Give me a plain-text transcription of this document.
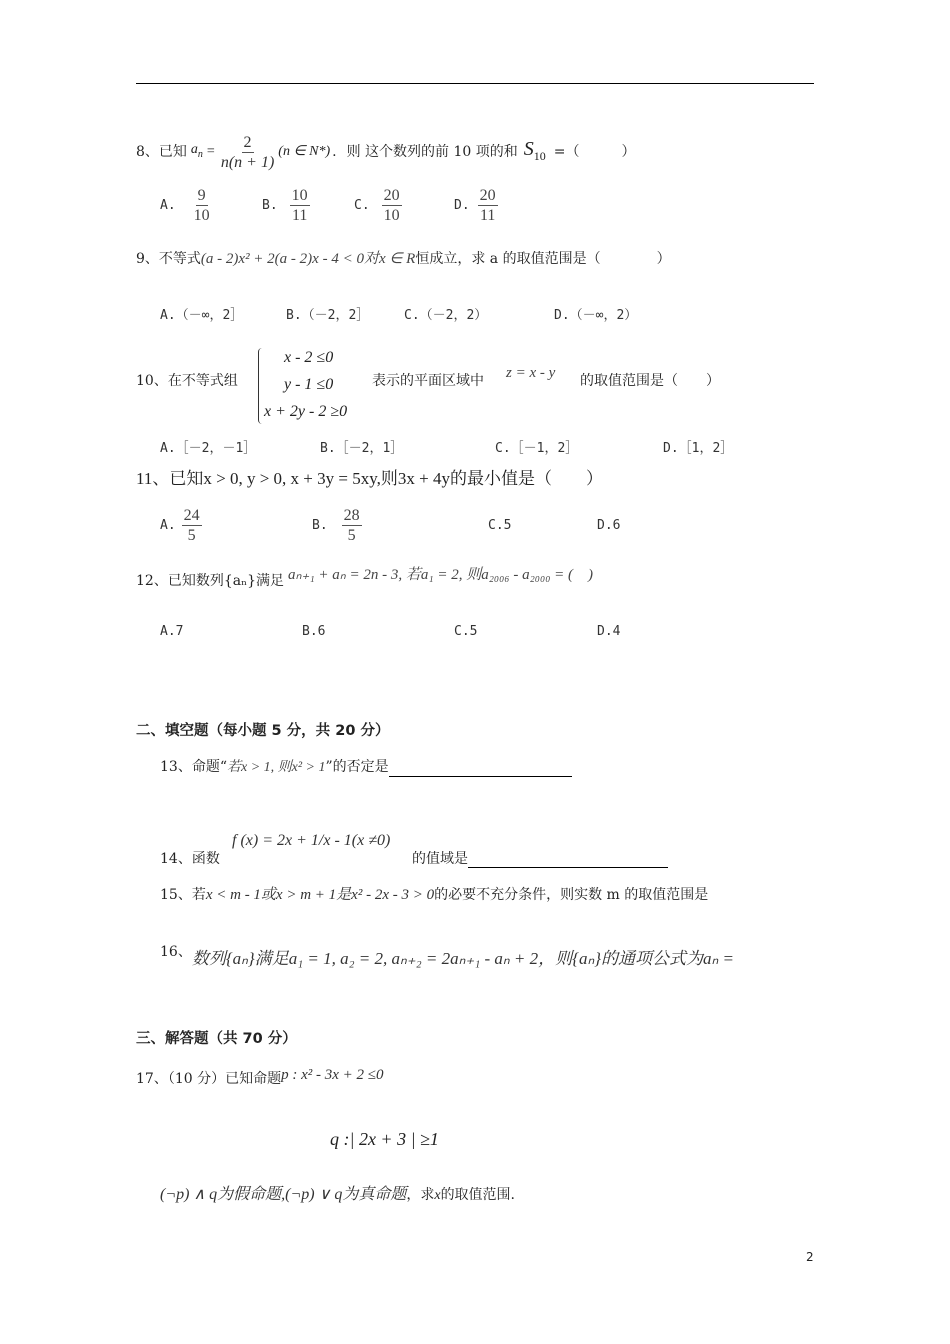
8、已知 $a_n = \frac{2}{n(n + 1)} (n$ ∈ N*) . 则 这个数列的前 10 项的和 $S_{10}$ =（　　　）
A. $\frac{9}{10}$	B. $\frac{10}{11}$	C. $\frac{20}{10}$	D. $\frac{20}{11}$
9、不等式(a - 2)x² + 2(a - 2)x - 4 < 0对x ∈ R恒成立，求 a 的取值范围是（　　　　）
A.（－∞，2］	B.（－2，2］	C.（－2，2）	D.（－∞，2）
10、在不等式组
x - 2 ≤0
y - 1 ≤0
x + 2y - 2 ≥0
表示的平面区域中 z = x - y 的取值范围是（　　）
A.［－2，－1］	B.［－2，1］	C.［－1，2］	D.［1，2］
11、已知x > 0, y > 0, x + 3y = 5xy,则3x + 4y的最小值是（　　）
A. $\frac{24}{5}$	B. $\frac{28}{5}$	C.5	D.6
12、已知数列{aₙ}满足 aₙ₊₁ + aₙ = 2n - 3, 若a₁ = 2, 则a₂₀₀₆ - a₂₀₀₀ = (　)
A.7	B.6	C.5	D.4
二、填空题（每小题 5 分，共 20 分）
13、命题“若x > 1, 则x² > 1”的否定是
14、函数
f (x) = 2x + 1/x - 1(x ≠0)
的值域是
15、若x < m - 1或x > m + 1是x² - 2x - 3 > 0的必要不充分条件，则实数 m 的取值范围是
16、数列{aₙ}满足a₁ = 1, a₂ = 2, aₙ₊₂ = 2aₙ₊₁ - aₙ + 2，则{aₙ}的通项公式为aₙ =
三、解答题（共 70 分）
17、（10 分）已知命题p : x² - 3x + 2 ≤0
q :| 2x + 3 | ≥1
(¬p) ∧ q为假命题,(¬p) ∨ q为真命题，求x的取值范围.
2
